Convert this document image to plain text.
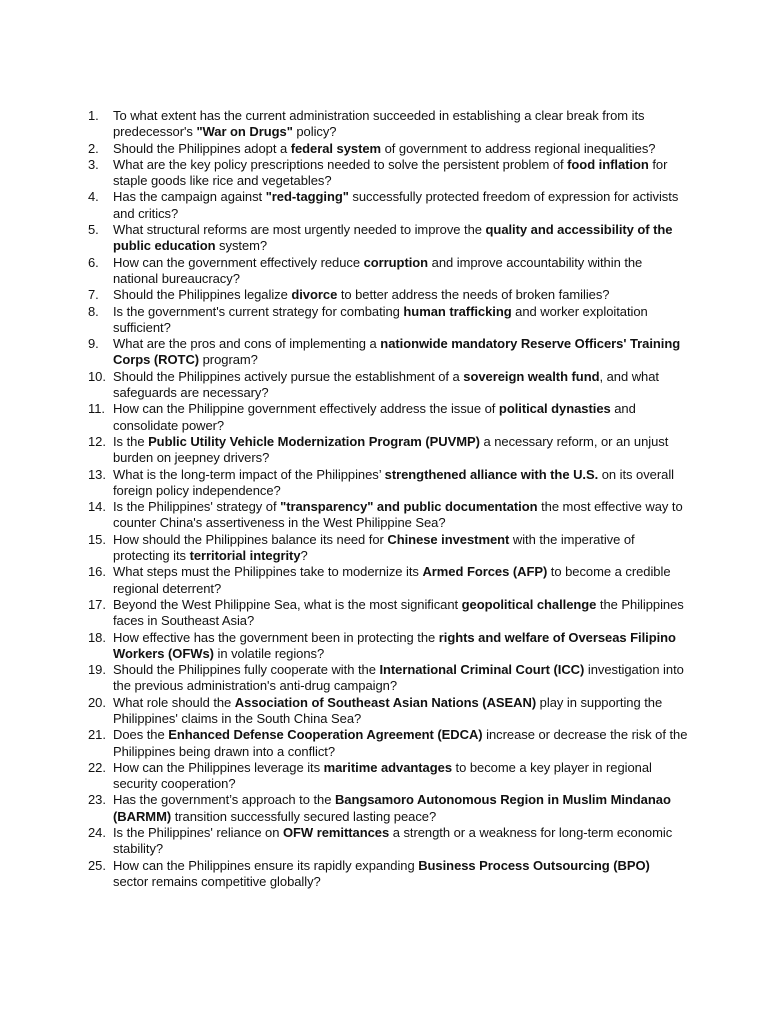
1.	To what extent has the current administration succeeded in establishing a clear break from its predecessor's "War on Drugs" policy?
2.	Should the Philippines adopt a federal system of government to address regional inequalities?
3.	What are the key policy prescriptions needed to solve the persistent problem of food inflation for staple goods like rice and vegetables?
4.	Has the campaign against "red-tagging" successfully protected freedom of expression for activists and critics?
5.	What structural reforms are most urgently needed to improve the quality and accessibility of the public education system?
6.	How can the government effectively reduce corruption and improve accountability within the national bureaucracy?
7.	Should the Philippines legalize divorce to better address the needs of broken families?
8.	Is the government's current strategy for combating human trafficking and worker exploitation sufficient?
9.	What are the pros and cons of implementing a nationwide mandatory Reserve Officers' Training Corps (ROTC) program?
10. Should the Philippines actively pursue the establishment of a sovereign wealth fund, and what safeguards are necessary?
11. How can the Philippine government effectively address the issue of political dynasties and consolidate power?
12. Is the Public Utility Vehicle Modernization Program (PUVMP) a necessary reform, or an unjust burden on jeepney drivers?
13. What is the long-term impact of the Philippines’ strengthened alliance with the U.S. on its overall foreign policy independence?
14. Is the Philippines' strategy of "transparency" and public documentation the most effective way to counter China's assertiveness in the West Philippine Sea?
15. How should the Philippines balance its need for Chinese investment with the imperative of protecting its territorial integrity?
16. What steps must the Philippines take to modernize its Armed Forces (AFP) to become a credible regional deterrent?
17. Beyond the West Philippine Sea, what is the most significant geopolitical challenge the Philippines faces in Southeast Asia?
18. How effective has the government been in protecting the rights and welfare of Overseas Filipino Workers (OFWs) in volatile regions?
19. Should the Philippines fully cooperate with the International Criminal Court (ICC) investigation into the previous administration's anti-drug campaign?
20. What role should the Association of Southeast Asian Nations (ASEAN) play in supporting the Philippines' claims in the South China Sea?
21. Does the Enhanced Defense Cooperation Agreement (EDCA) increase or decrease the risk of the Philippines being drawn into a conflict?
22. How can the Philippines leverage its maritime advantages to become a key player in regional security cooperation?
23. Has the government’s approach to the Bangsamoro Autonomous Region in Muslim Mindanao (BARMM) transition successfully secured lasting peace?
24. Is the Philippines' reliance on OFW remittances a strength or a weakness for long-term economic stability?
25. How can the Philippines ensure its rapidly expanding Business Process Outsourcing (BPO) sector remains competitive globally?
